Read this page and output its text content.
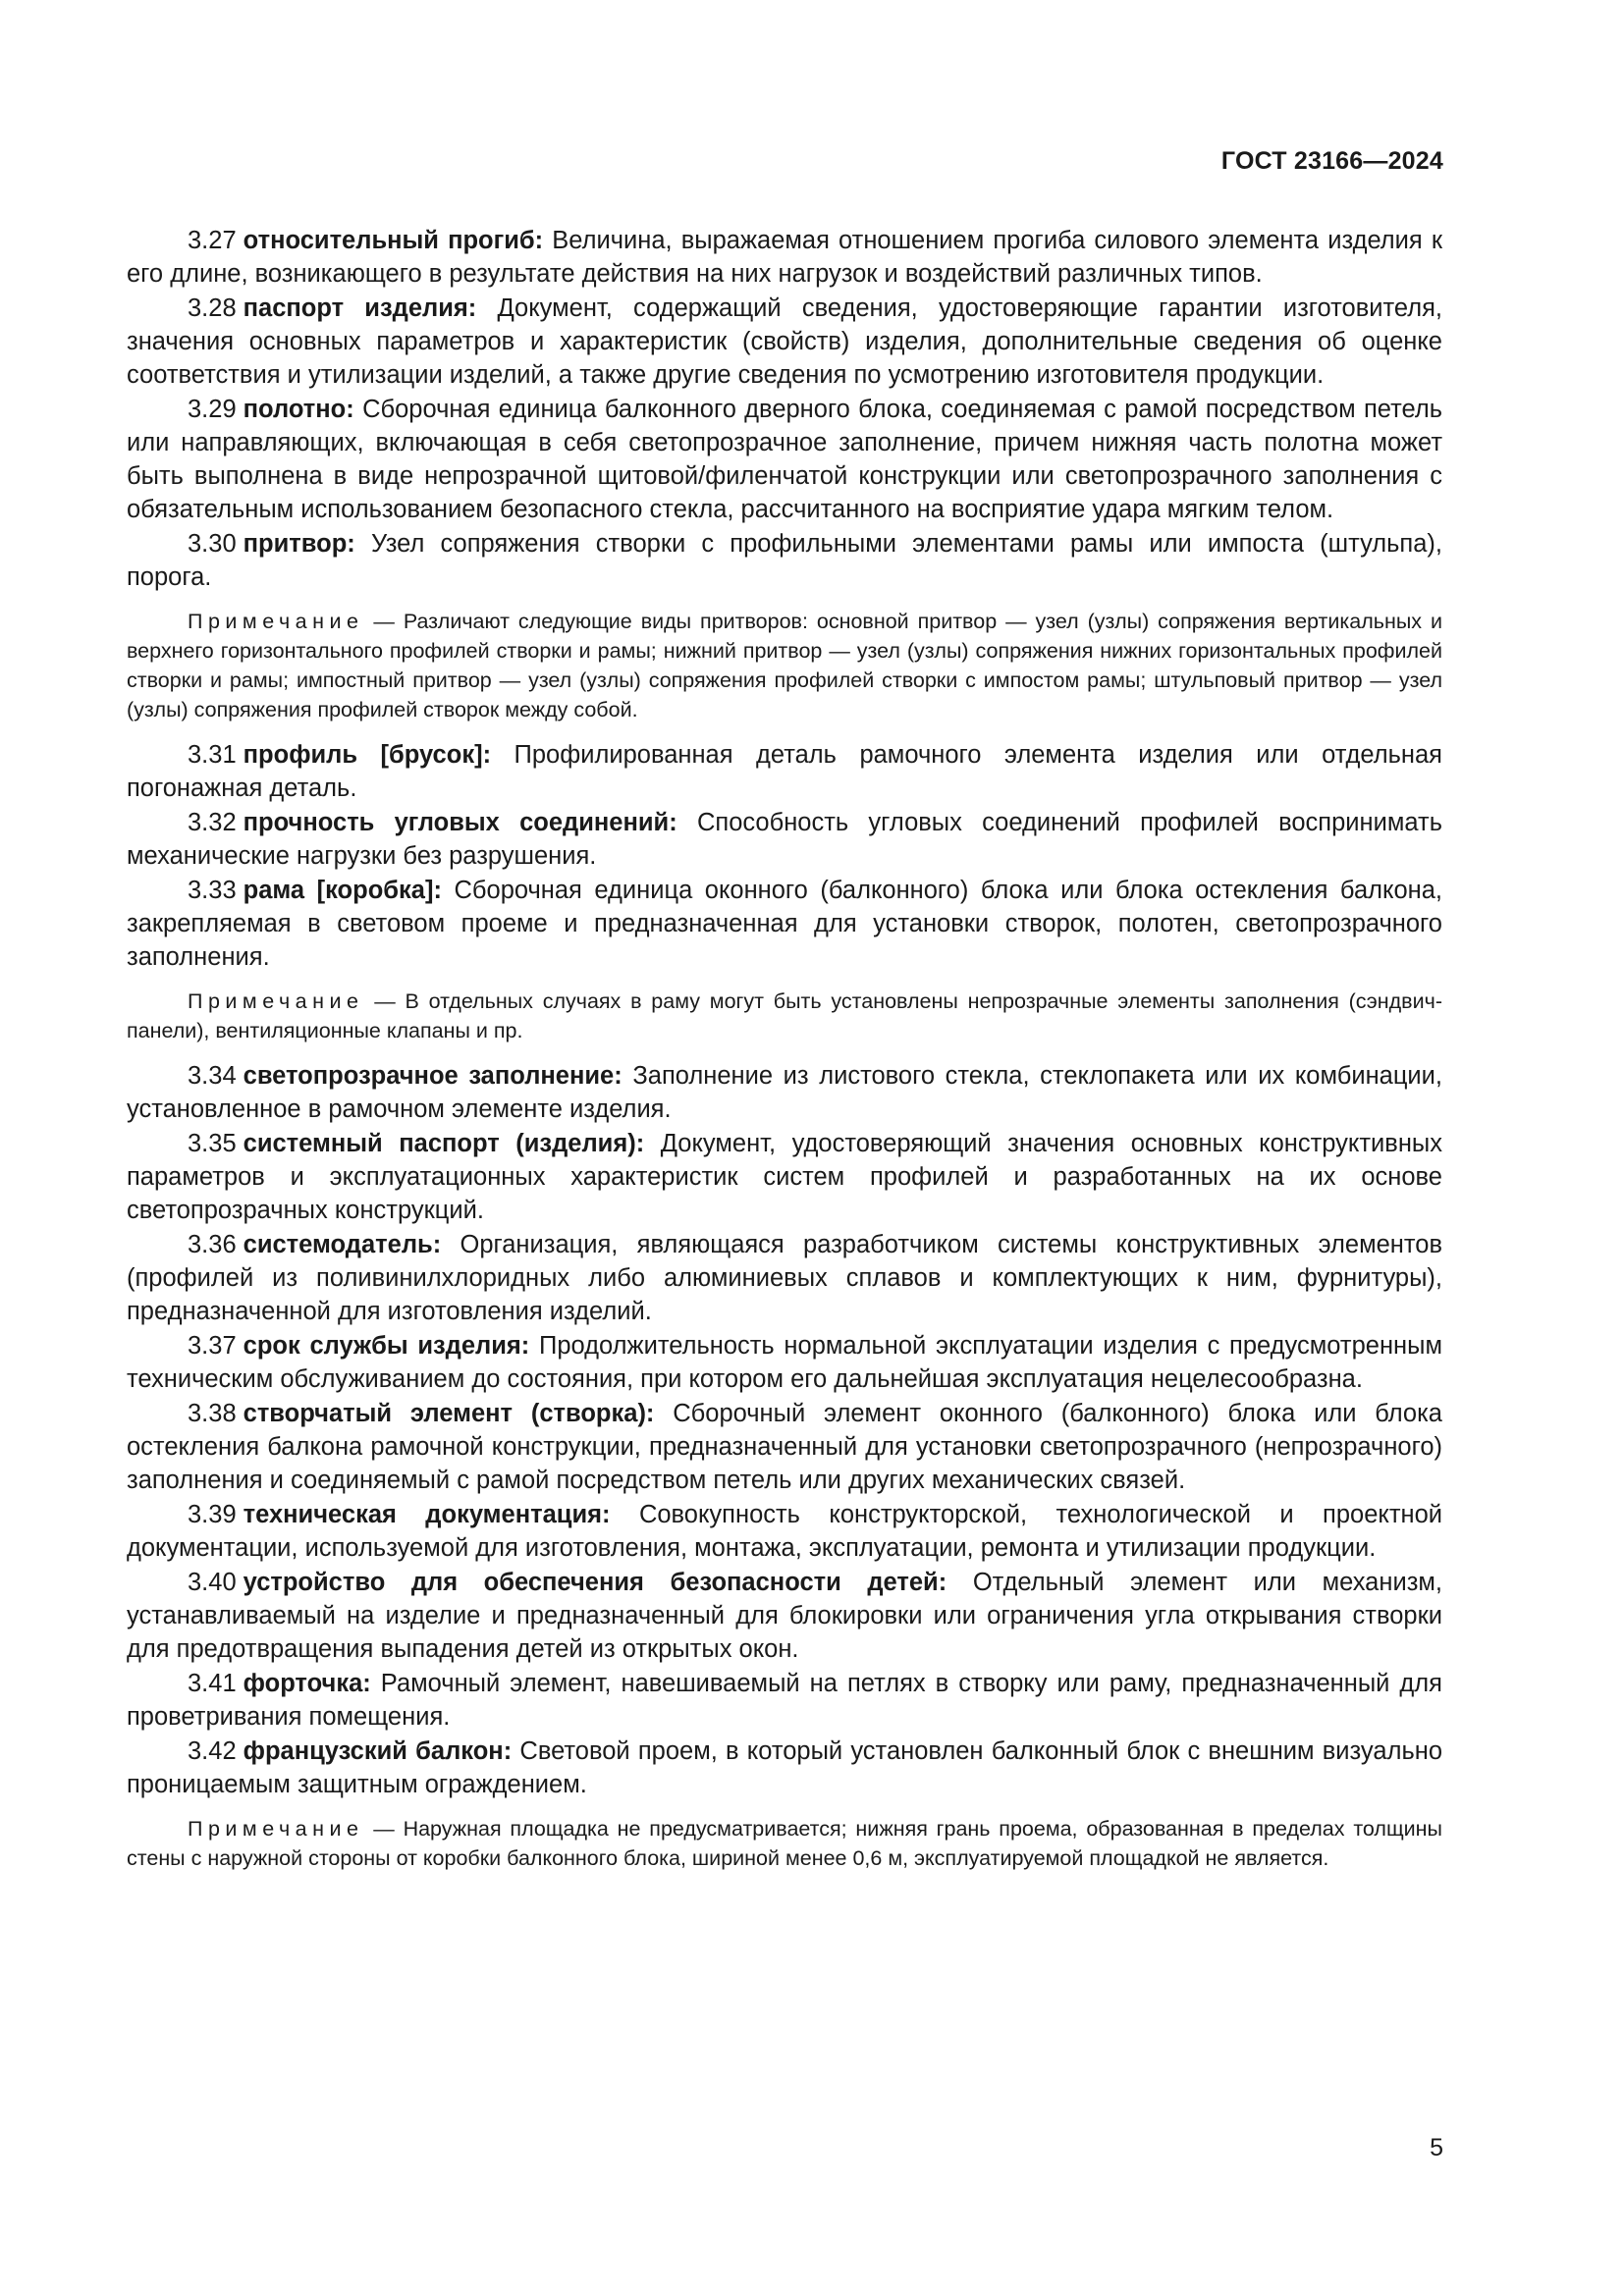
ГОСТ 23166—2024

3.27 относительный прогиб: Величина, выражаемая отношением прогиба силового элемента изделия к его длине, возникающего в результате действия на них нагрузок и воздействий различных типов.

3.28 паспорт изделия: Документ, содержащий сведения, удостоверяющие гарантии изготовителя, значения основных параметров и характеристик (свойств) изделия, дополнительные сведения об оценке соответствия и утилизации изделий, а также другие сведения по усмотрению изготовителя продукции.

3.29 полотно: Сборочная единица балконного дверного блока, соединяемая с рамой посредством петель или направляющих, включающая в себя светопрозрачное заполнение, причем нижняя часть полотна может быть выполнена в виде непрозрачной щитовой/филенчатой конструкции или светопрозрачного заполнения с обязательным использованием безопасного стекла, рассчитанного на восприятие удара мягким телом.

3.30 притвор: Узел сопряжения створки с профильными элементами рамы или импоста (штульпа), порога.

Примечание — Различают следующие виды притворов: основной притвор — узел (узлы) сопряжения вертикальных и верхнего горизонтального профилей створки и рамы; нижний притвор — узел (узлы) сопряжения нижних горизонтальных профилей створки и рамы; импостный притвор — узел (узлы) сопряжения профилей створки с импостом рамы; штульповый притвор — узел (узлы) сопряжения профилей створок между собой.

3.31 профиль [брусок]: Профилированная деталь рамочного элемента изделия или отдельная погонажная деталь.

3.32 прочность угловых соединений: Способность угловых соединений профилей воспринимать механические нагрузки без разрушения.

3.33 рама [коробка]: Сборочная единица оконного (балконного) блока или блока остекления балкона, закрепляемая в световом проеме и предназначенная для установки створок, полотен, светопрозрачного заполнения.

Примечание — В отдельных случаях в раму могут быть установлены непрозрачные элементы заполнения (сэндвич-панели), вентиляционные клапаны и пр.

3.34 светопрозрачное заполнение: Заполнение из листового стекла, стеклопакета или их комбинации, установленное в рамочном элементе изделия.

3.35 системный паспорт (изделия): Документ, удостоверяющий значения основных конструктивных параметров и эксплуатационных характеристик систем профилей и разработанных на их основе светопрозрачных конструкций.

3.36 системодатель: Организация, являющаяся разработчиком системы конструктивных элементов (профилей из поливинилхлоридных либо алюминиевых сплавов и комплектующих к ним, фурнитуры), предназначенной для изготовления изделий.

3.37 срок службы изделия: Продолжительность нормальной эксплуатации изделия с предусмотренным техническим обслуживанием до состояния, при котором его дальнейшая эксплуатация нецелесообразна.

3.38 створчатый элемент (створка): Сборочный элемент оконного (балконного) блока или блока остекления балкона рамочной конструкции, предназначенный для установки светопрозрачного (непрозрачного) заполнения и соединяемый с рамой посредством петель или других механических связей.

3.39 техническая документация: Совокупность конструкторской, технологической и проектной документации, используемой для изготовления, монтажа, эксплуатации, ремонта и утилизации продукции.

3.40 устройство для обеспечения безопасности детей: Отдельный элемент или механизм, устанавливаемый на изделие и предназначенный для блокировки или ограничения угла открывания створки для предотвращения выпадения детей из открытых окон.

3.41 форточка: Рамочный элемент, навешиваемый на петлях в створку или раму, предназначенный для проветривания помещения.

3.42 французский балкон: Световой проем, в который установлен балконный блок с внешним визуально проницаемым защитным ограждением.

Примечание — Наружная площадка не предусматривается; нижняя грань проема, образованная в пределах толщины стены с наружной стороны от коробки балконного блока, шириной менее 0,6 м, эксплуатируемой площадкой не является.

5
